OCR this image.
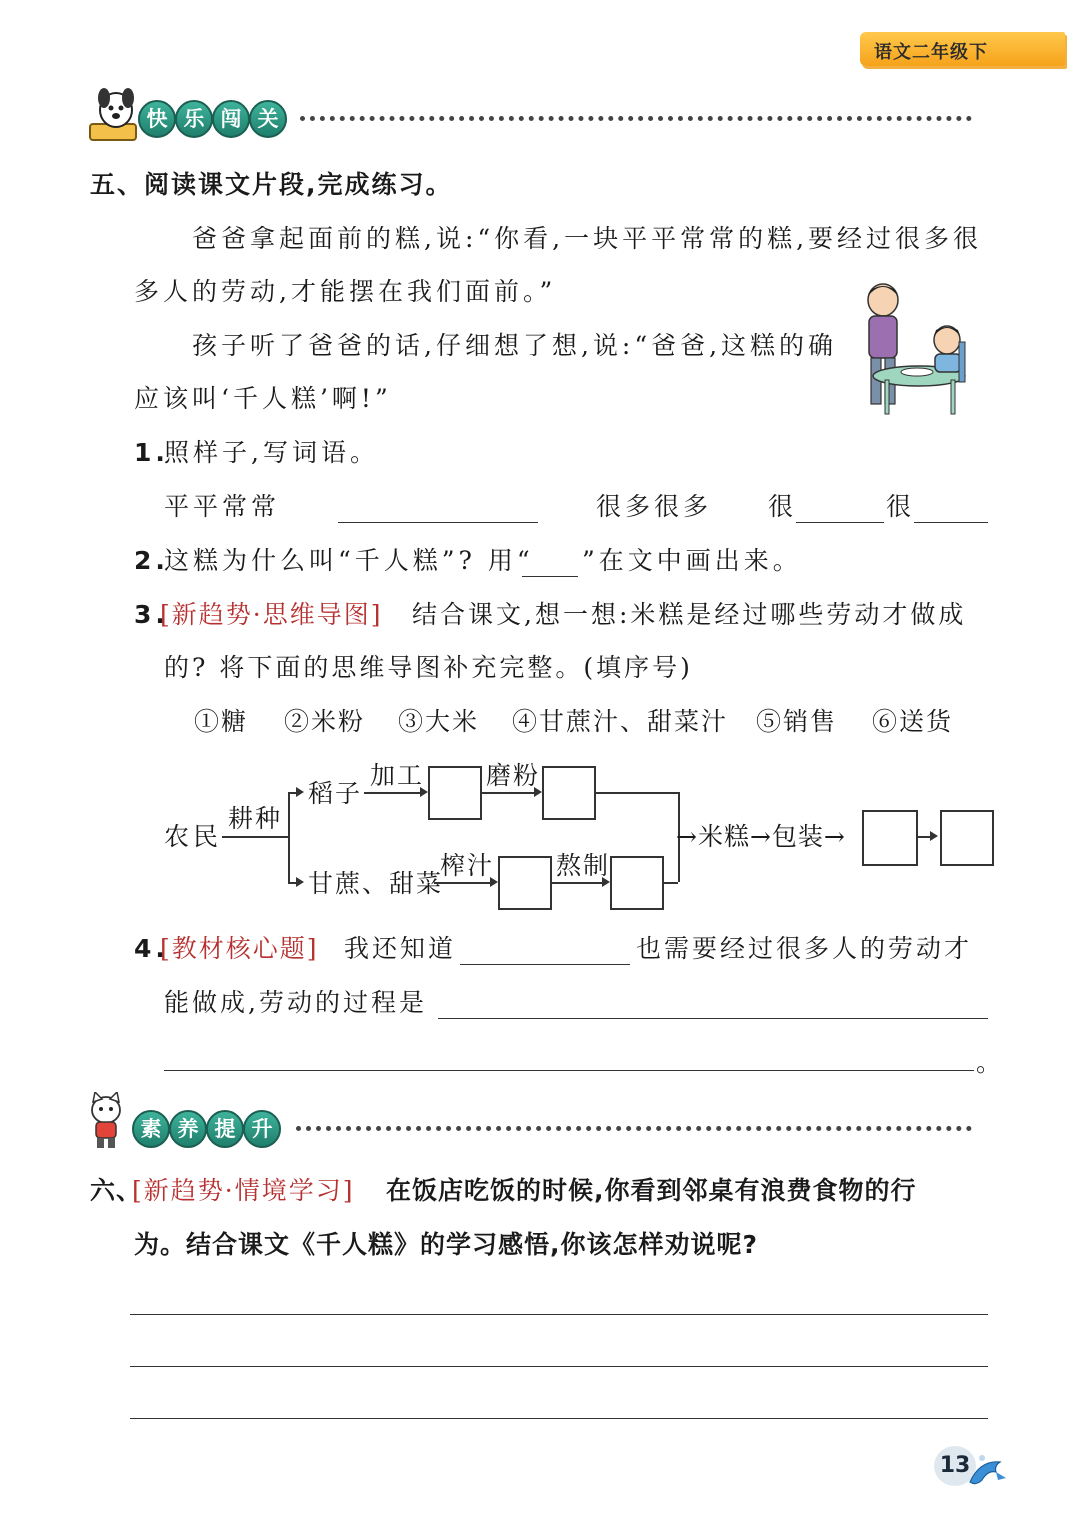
语文二年级下
快 乐 闯 关
五、阅读课文片段,完成练习。
爸爸拿起面前的糕,说:“你看,一块平平常常的糕,要经过很多很
多人的劳动,才能摆在我们面前。”
孩子听了爸爸的话,仔细想了想,说:“爸爸,这糕的确
应该叫‘千人糕’啊!”
1.
照样子,写词语。
平平常常	很多很多 很	很
2.
这糕为什么叫“千人糕”? 用“ ”在文中画出来。
3.
[新趋势·思维导图] 结合课文,想一想:米糕是经过哪些劳动才做成
的? 将下面的思维导图补充完整。(填序号)
①糖 ②米粉 ③大米 ④甘蔗汁、甜菜汁 ⑤销售 ⑥送货
农民
耕种
稻子
加工 磨粉
甘蔗、甜菜
榨汁 熬制
→米糕→包装→
4.
[教材核心题] 我还知道	也需要经过很多人的劳动才
能做成,劳动的过程是
。
素 养 提 升
六、
[新趋势·情境学习] 在饭店吃饭的时候,你看到邻桌有浪费食物的行
为。结合课文《千人糕》的学习感悟,你该怎样劝说呢?
13
